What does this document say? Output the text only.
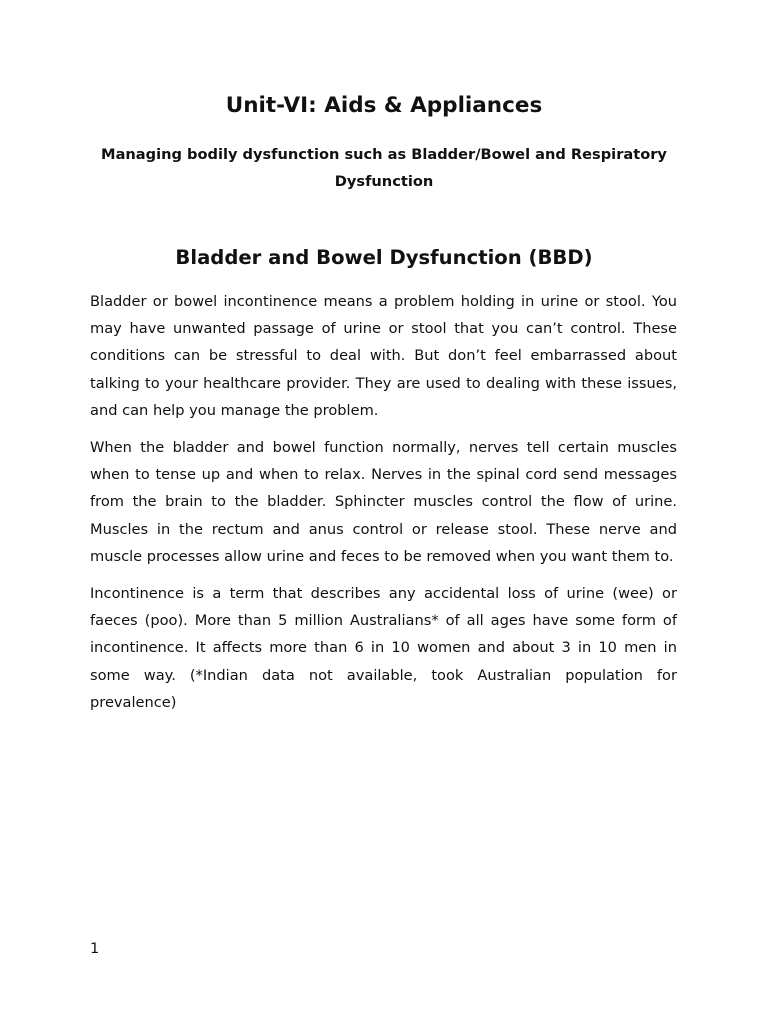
Unit-VI: Aids & Appliances
Managing bodily dysfunction such as Bladder/Bowel and Respiratory Dysfunction
Bladder and Bowel Dysfunction (BBD)

Bladder or bowel incontinence means a problem holding in urine or stool. You may have unwanted passage of urine or stool that you can’t control. These conditions can be stressful to deal with. But don’t feel embarrassed about talking to your healthcare provider. They are used to dealing with these issues, and can help you manage the problem.

When the bladder and bowel function normally, nerves tell certain muscles when to tense up and when to relax. Nerves in the spinal cord send messages from the brain to the bladder. Sphincter muscles control the flow of urine. Muscles in the rectum and anus control or release stool. These nerve and muscle processes allow urine and feces to be removed when you want them to.

Incontinence is a term that describes any accidental loss of urine (wee) or faeces (poo). More than 5 million Australians* of all ages have some form of incontinence. It affects more than 6 in 10 women and about 3 in 10 men in some way. (*Indian data not available, took Australian population for prevalence)

1
